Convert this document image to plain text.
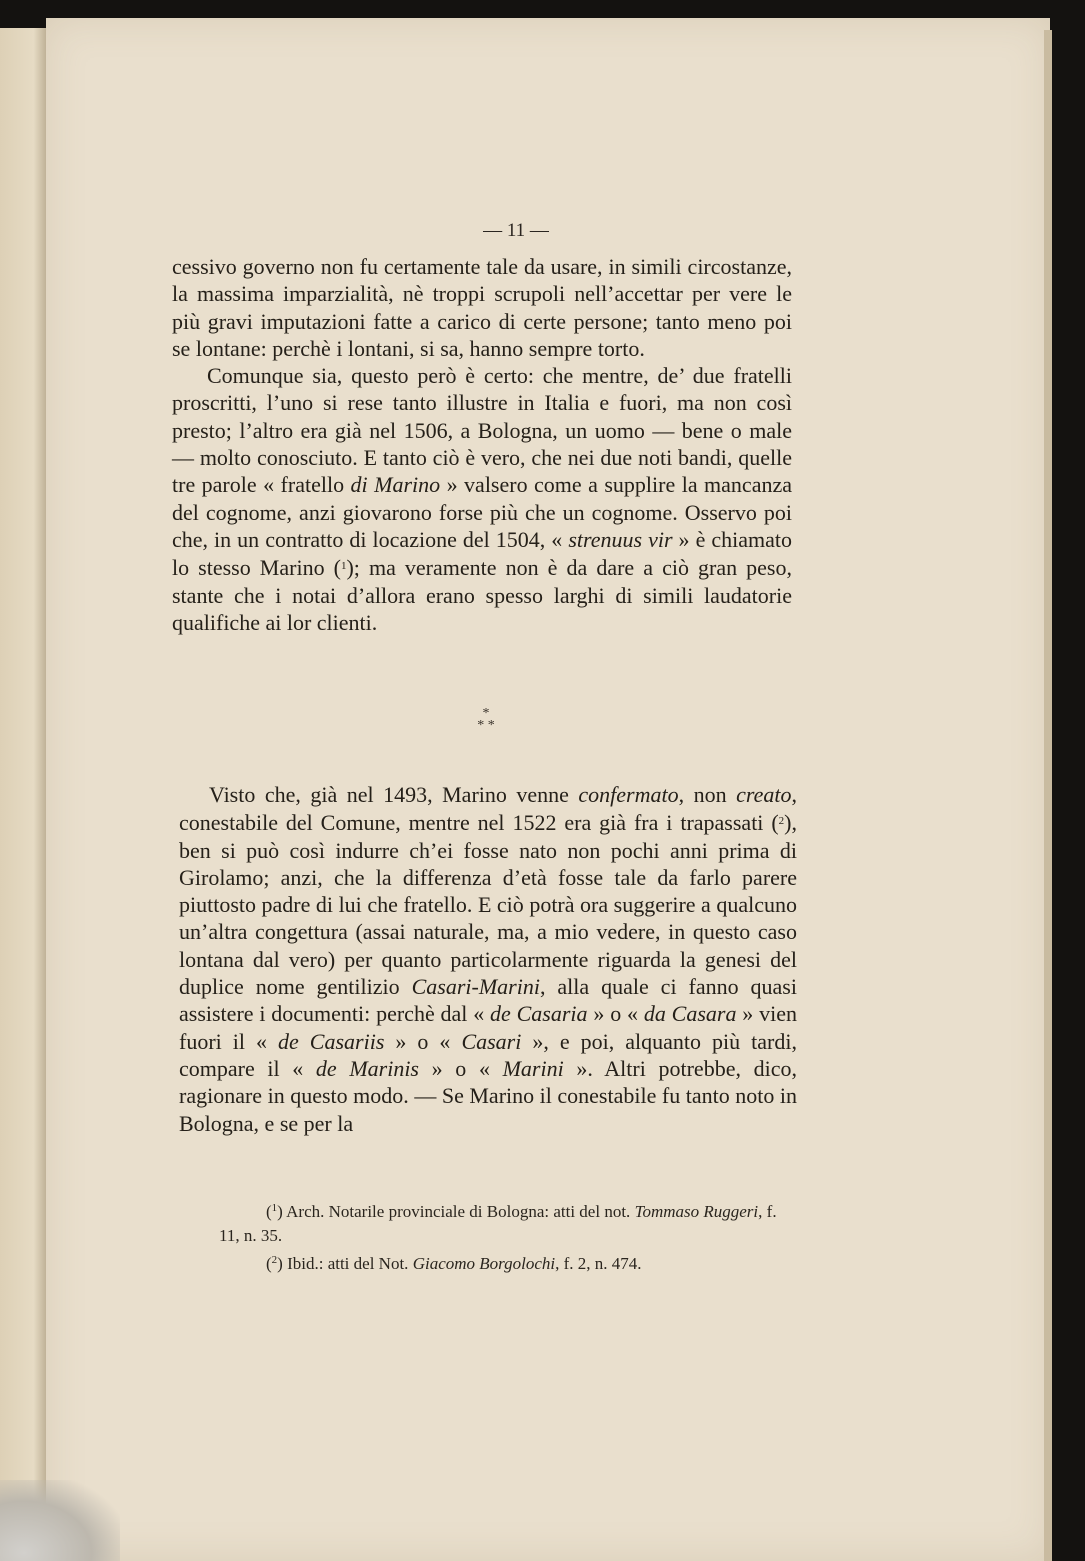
— 11 —

cessivo governo non fu certamente tale da usare, in simili circostanze, la massima imparzialità, nè troppi scrupoli nell’accettar per vere le più gravi imputazioni fatte a carico di certe persone; tanto meno poi se lontane: perchè i lontani, si sa, hanno sempre torto.

Comunque sia, questo però è certo: che mentre, de’ due fratelli proscritti, l’uno si rese tanto illustre in Italia e fuori, ma non così presto; l’altro era già nel 1506, a Bologna, un uomo — bene o male — molto conosciuto. E tanto ciò è vero, che nei due noti bandi, quelle tre parole « fratello di Marino » valsero come a supplire la mancanza del cognome, anzi giovarono forse più che un cognome. Osservo poi che, in un contratto di locazione del 1504, « strenuus vir » è chiamato lo stesso Marino ($^1$); ma veramente non è da dare a ciò gran peso, stante che i notai d’allora erano spesso larghi di simili laudatorie qualifiche ai lor clienti.

*
* *

Visto che, già nel 1493, Marino venne confermato, non creato, conestabile del Comune, mentre nel 1522 era già fra i trapassati ($^2$), ben si può così indurre ch’ei fosse nato non pochi anni prima di Girolamo; anzi, che la differenza d’età fosse tale da farlo parere piuttosto padre di lui che fratello. E ciò potrà ora suggerire a qualcuno un’altra congettura (assai naturale, ma, a mio vedere, in questo caso lontana dal vero) per quanto particolarmente riguarda la genesi del duplice nome gentilizio Casari-Marini, alla quale ci fanno quasi assistere i documenti: perchè dal « de Casaria » o « da Casara » vien fuori il « de Casariis » o « Casari », e poi, alquanto più tardi, compare il « de Marinis » o « Marini ». Altri potrebbe, dico, ragionare in questo modo. — Se Marino il conestabile fu tanto noto in Bologna, e se per la

($^1$) Arch. Notarile provinciale di Bologna: atti del not. Tommaso Ruggeri, f. 11, n. 35.

($^2$) Ibid.: atti del Not. Giacomo Borgolochi, f. 2, n. 474.
